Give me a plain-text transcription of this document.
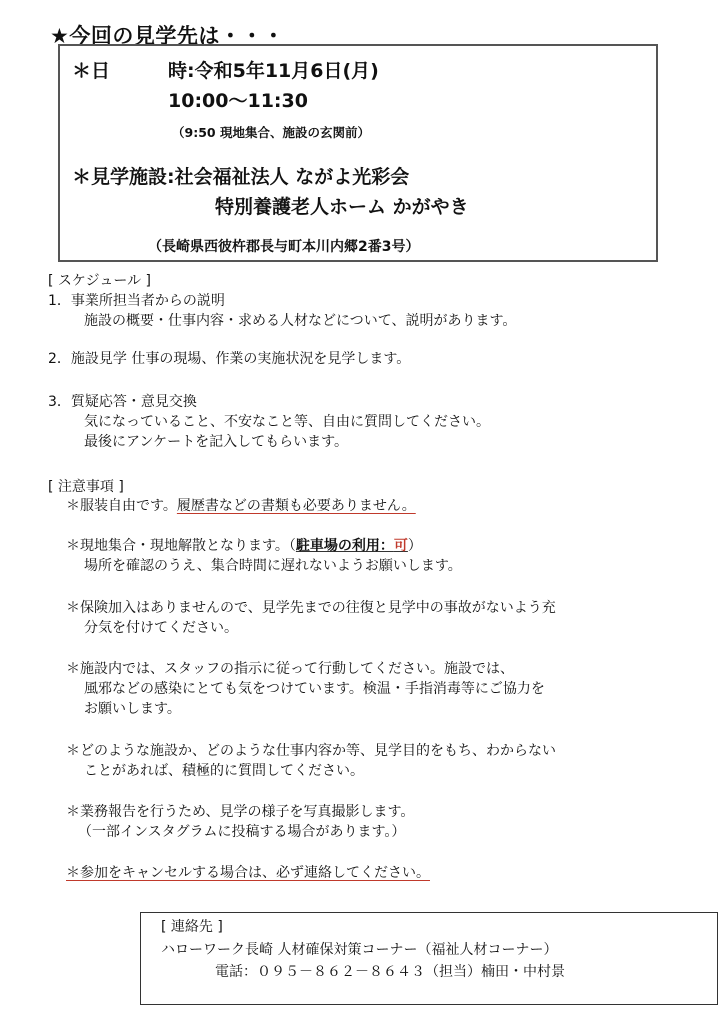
★今回の見学先は・・・
＊日	時:令和5年11月6日(月)
10:00〜11:30
（9:50 現地集合、施設の玄関前）
＊見学施設:社会福祉法人 ながよ光彩会
特別養護老人ホーム かがやき
（長崎県西彼杵郡長与町本川内郷2番3号）
[ スケジュール ]
1．事業所担当者からの説明
施設の概要・仕事内容・求める人材などについて、説明があります。
2．施設見学 仕事の現場、作業の実施状況を見学します。
3．質疑応答・意見交換
気になっていること、不安なこと等、自由に質問してください。
最後にアンケートを記入してもらいます。
[ 注意事項 ]
＊服装自由です。履歴書などの書類も必要ありません。
＊現地集合・現地解散となります。（駐車場の利用：可）
場所を確認のうえ、集合時間に遅れないようお願いします。
＊保険加入はありませんので、見学先までの往復と見学中の事故がないよう充
分気を付けてください。
＊施設内では、スタッフの指示に従って行動してください。施設では、
風邪などの感染にとても気をつけています。検温・手指消毒等にご協力を
お願いします。
＊どのような施設か、どのような仕事内容か等、見学目的をもち、わからない
ことがあれば、積極的に質問してください。
＊業務報告を行うため、見学の様子を写真撮影します。
（一部インスタグラムに投稿する場合があります。）
＊参加をキャンセルする場合は、必ず連絡してください。
[ 連絡先 ]
ハローワーク長崎 人材確保対策コーナー（福祉人材コーナー）
電話：０９５－８６２－８６４３（担当）楠田・中村景
